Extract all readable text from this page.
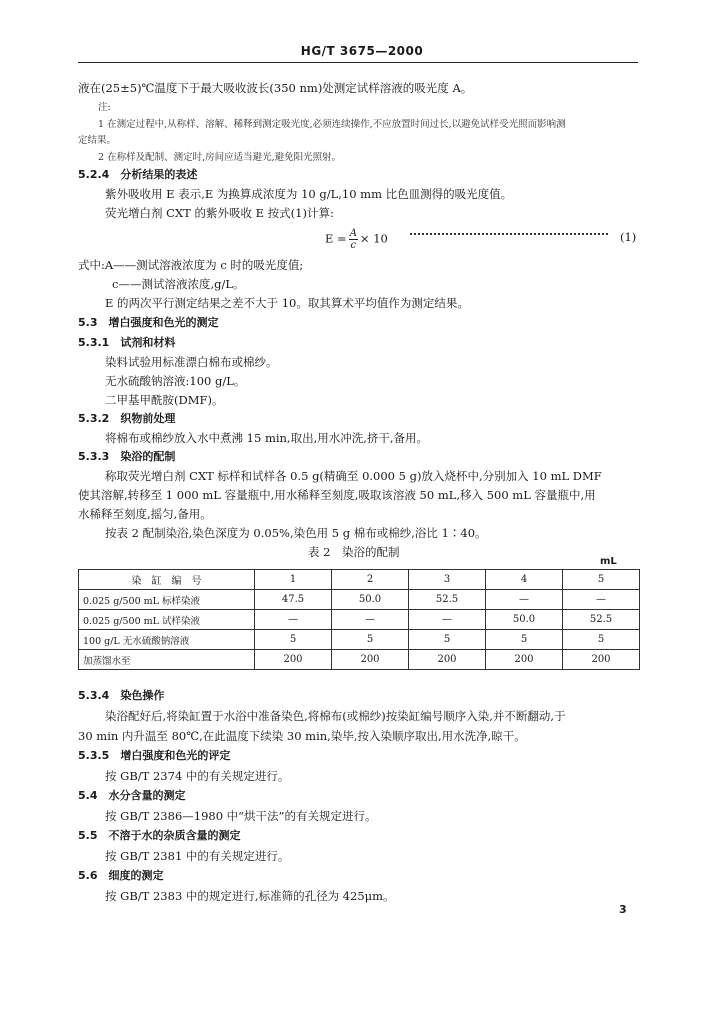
HG/T 3675—2000
液在(25±5)℃温度下于最大吸收波长(350 nm)处测定试样溶液的吸光度 A。
注:
1 在测定过程中,从称样、溶解、稀释到测定吸光度,必须连续操作,不应放置时间过长,以避免试样受光照而影响测
定结果。
2 在称样及配制、测定时,房间应适当避光,避免阳光照射。
5.2.4　分析结果的表述
紫外吸收用 E 表示,E 为换算成浓度为 10 g/L,10 mm 比色皿测得的吸光度值。
荧光增白剂 CXT 的紫外吸收 E 按式(1)计算:
$E = \frac{A}{c} \times 10$	(1)
式中:A——测试溶液浓度为 c 时的吸光度值;
c——测试溶液浓度,g/L。
E 的两次平行测定结果之差不大于 10。取其算术平均值作为测定结果。
5.3　增白强度和色光的测定
5.3.1　试剂和材料
染料试验用标准漂白棉布或棉纱。
无水硫酸钠溶液:100 g/L。
二甲基甲酰胺(DMF)。
5.3.2　织物前处理
将棉布或棉纱放入水中煮沸 15 min,取出,用水冲洗,挤干,备用。
5.3.3　染浴的配制
称取荧光增白剂 CXT 标样和试样各 0.5 g(精确至 0.000 5 g)放入烧杯中,分别加入 10 mL DMF
使其溶解,转移至 1 000 mL 容量瓶中,用水稀释至刻度,吸取该溶液 50 mL,移入 500 mL 容量瓶中,用
水稀释至刻度,摇匀,备用。
按表 2 配制染浴,染色深度为 0.05%,染色用 5 g 棉布或棉纱,浴比 1∶40。
表 2　染浴的配制
mL
染　缸　编　号	1	2	3	4	5
0.025 g/500 mL 标样染液	47.5	50.0	52.5	—	—
0.025 g/500 mL 试样染液	—	—	—	50.0	52.5
100 g/L 无水硫酸钠溶液	5	5	5	5	5
加蒸馏水至	200	200	200	200	200
5.3.4　染色操作
染浴配好后,将染缸置于水浴中准备染色,将棉布(或棉纱)按染缸编号顺序入染,并不断翻动,于
30 min 内升温至 80℃,在此温度下续染 30 min,染毕,按入染顺序取出,用水洗净,晾干。
5.3.5　增白强度和色光的评定
按 GB/T 2374 中的有关规定进行。
5.4　水分含量的测定
按 GB/T 2386—1980 中“烘干法”的有关规定进行。
5.5　不溶于水的杂质含量的测定
按 GB/T 2381 中的有关规定进行。
5.6　细度的测定
按 GB/T 2383 中的规定进行,标准筛的孔径为 425μm。
3
